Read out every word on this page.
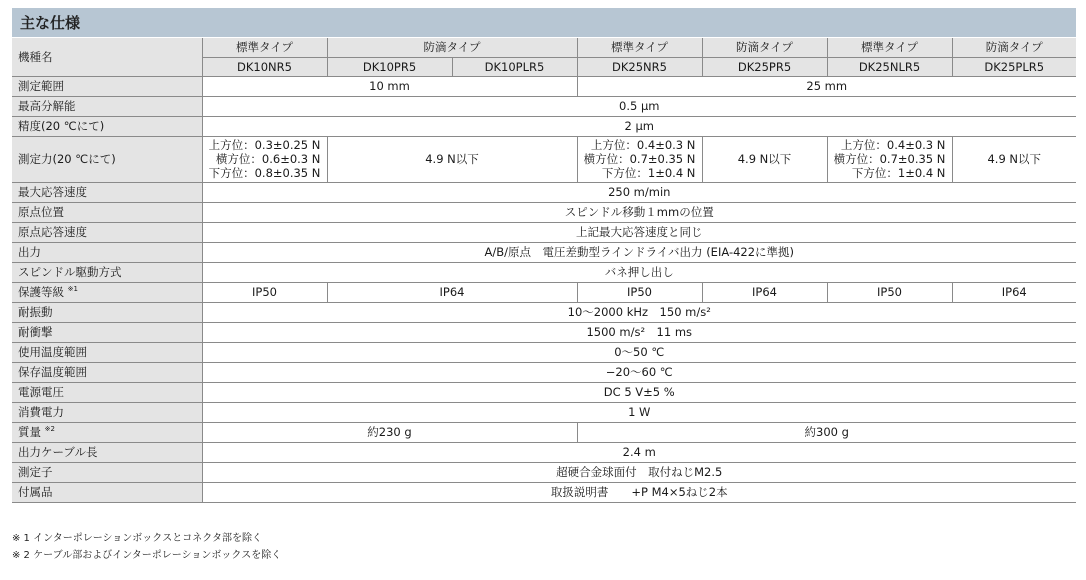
主な仕様
機種名	標準タイプ	防滴タイプ		標準タイプ	防滴タイプ	標準タイプ	防滴タイプ
	DK10NR5	DK10PR5	DK10PLR5	DK25NR5	DK25PR5	DK25NLR5	DK25PLR5
測定範囲	10 mm			25 mm			
最高分解能	0.5 μm						
精度(20 ℃にて)	2 μm						
測定力(20 ℃にて)	上方位：0.3±0.25 N
横方位：0.6±0.3 N
下方位：0.8±0.35 N	4.9 N以下		上方位：0.4±0.3 N
横方位：0.7±0.35 N
下方位：1±0.4 N	4.9 N以下	上方位：0.4±0.3 N
横方位：0.7±0.35 N
下方位：1±0.4 N	4.9 N以下
最大応答速度	250 m/min						
原点位置	スピンドル移動１mmの位置						
原点応答速度	上記最大応答速度と同じ						
出力	A/B/原点　電圧差動型ラインドライバ出力 (EIA-422に準拠)						
スピンドル駆動方式	バネ押し出し						
保護等級 $^{※1}$	IP50	IP64		IP50	IP64	IP50	IP64
耐振動	10～2000 kHz　150 m/s²						
耐衝撃	1500 m/s²　11 ms						
使用温度範囲	0～50 ℃						
保存温度範囲	−20～60 ℃						
電源電圧	DC 5 V±5 %						
消費電力	1 W						
質量 $^{※2}$	約230 g			約300 g			
出力ケーブル長	2.4 m						
測定子	超硬合金球面付　取付ねじM2.5						
付属品	取扱説明書　　+P M4×5ねじ2本						
※ 1 インターポレーションボックスとコネクタ部を除く
※ 2 ケーブル部およびインターポレーションボックスを除く
